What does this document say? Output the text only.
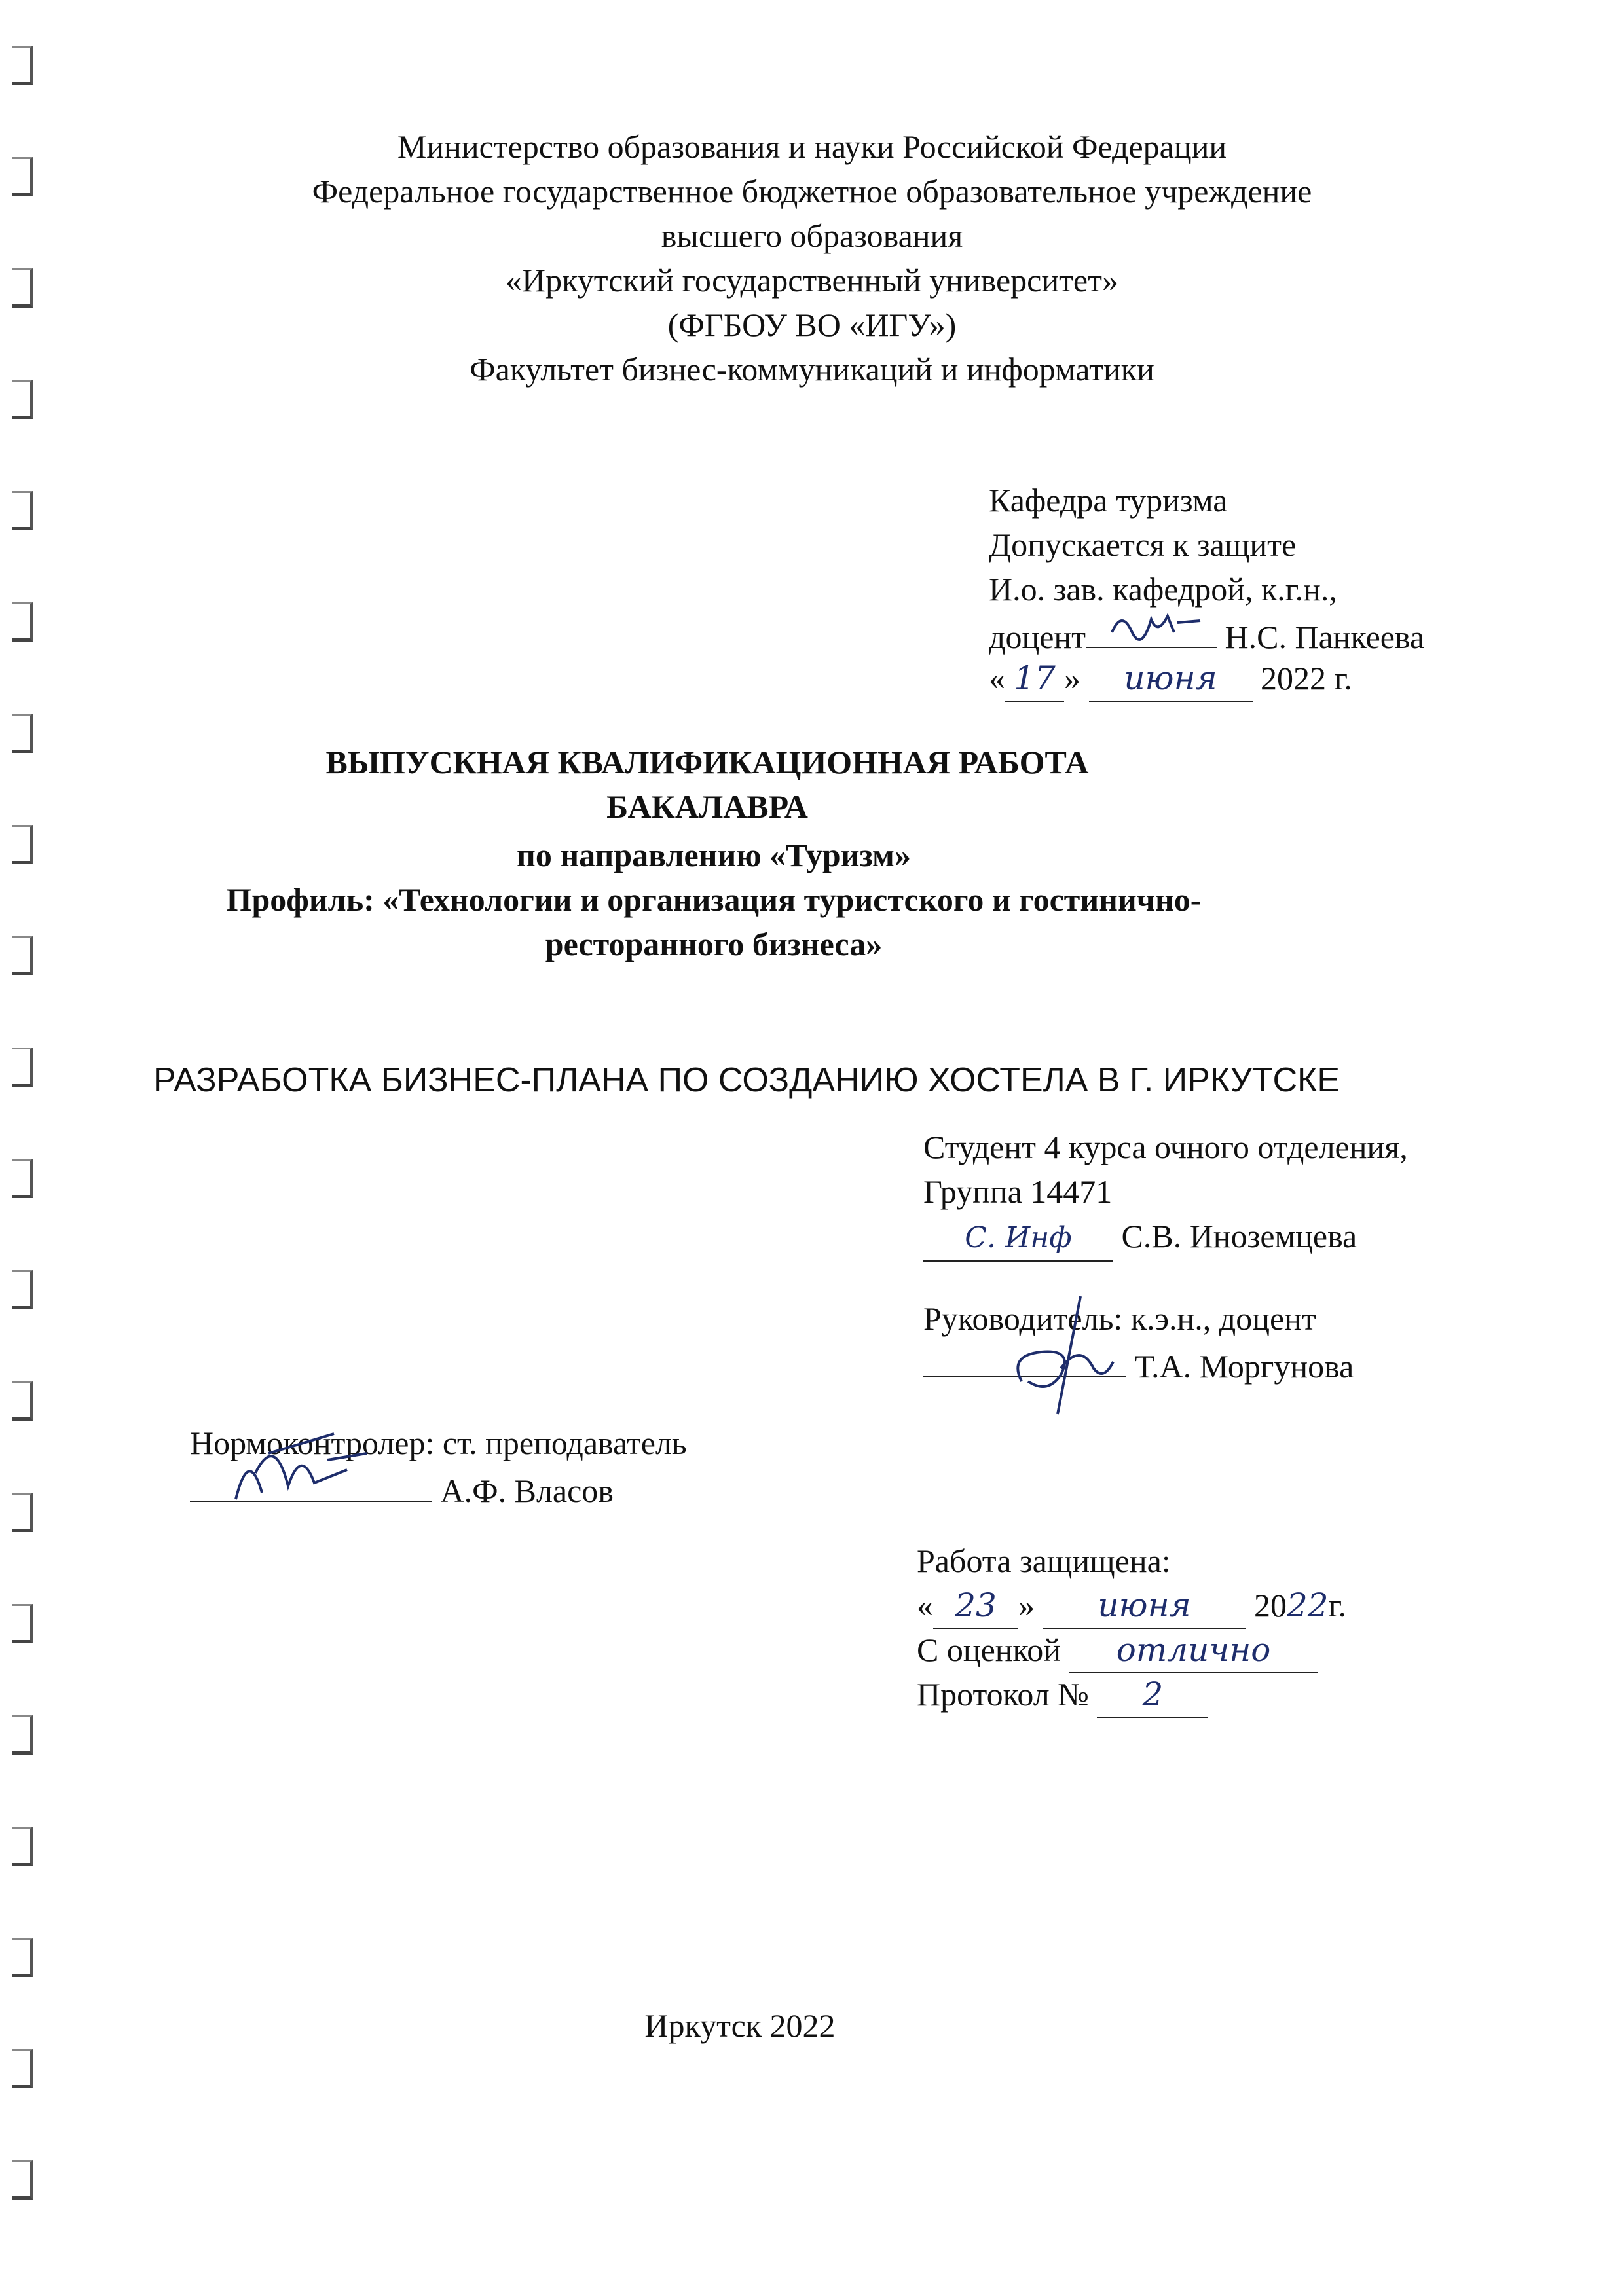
Министерство образования и науки Российской Федерации
Федеральное государственное бюджетное образовательное учреждение
высшего образования
«Иркутский государственный университет»
(ФГБОУ ВО «ИГУ»)
Факультет бизнес-коммуникаций и информатики
Кафедра туризма
Допускается к защите
И.о. зав. кафедрой, к.г.н.,
доцент	Н.С. Панкеева
« 17 » июня 2022 г.
ВЫПУСКНАЯ КВАЛИФИКАЦИОННАЯ РАБОТА
БАКАЛАВРА
по направлению «Туризм»
Профиль: «Технологии и организация туристского и гостинично-
ресторанного бизнеса»
РАЗРАБОТКА БИЗНЕС-ПЛАНА ПО СОЗДАНИЮ ХОСТЕЛА В Г. ИРКУТСКЕ
Студент 4 курса очного отделения,
Группа 14471
С. Инф С.В. Иноземцева
Руководитель: к.э.н., доцент
Т.А. Моргунова
Нормоконтролер: ст. преподаватель
А.Ф. Власов
Работа защищена:
« 23 » июня 2022г.
С оценкой отлично
Протокол № 2
Иркутск 2022
